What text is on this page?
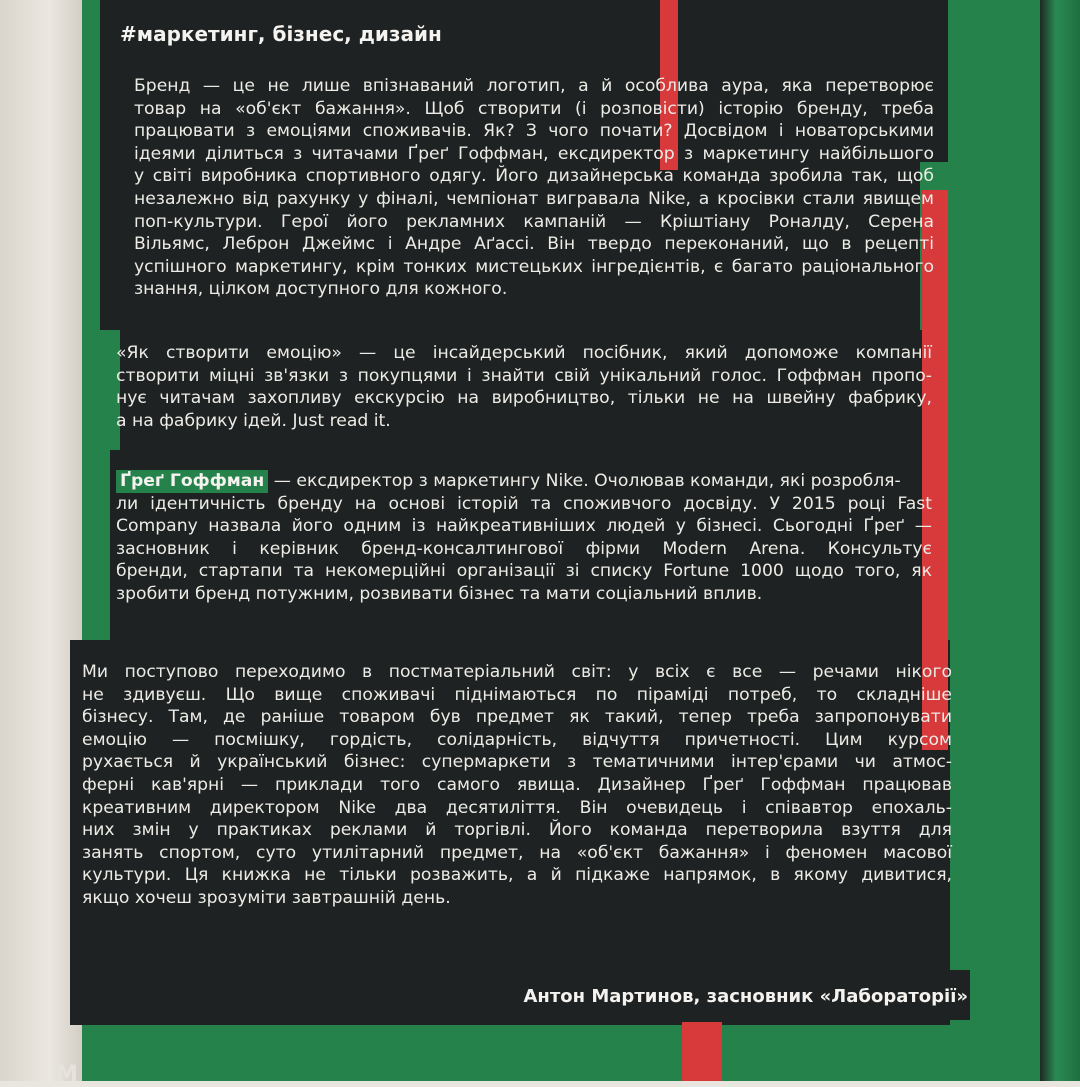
#маркетинг, бізнес, дизайн
Бренд — це не лише впізнаваний логотип, а й особлива аура, яка перетворює
товар на «об'єкт бажання». Щоб створити (і розповісти) історію бренду, треба
працювати з емоціями споживачів. Як? З чого почати? Досвідом і новаторськими
ідеями ділиться з читачами Ґреґ Гоффман, ексдиректор з маркетингу найбільшого
у світі виробника спортивного одягу. Його дизайнерська команда зробила так, щоб
незалежно від рахунку у фіналі, чемпіонат вигравала Nike, а кросівки стали явищем
поп-культури. Герої його рекламних кампаній — Кріштіану Роналду, Серена
Вільямс, Леброн Джеймс і Андре Аґассі. Він твердо переконаний, що в рецепті
успішного маркетингу, крім тонких мистецьких інгредієнтів, є багато раціонального
знання, цілком доступного для кожного.
«Як створити емоцію» — це інсайдерський посібник, який допоможе компанії
створити міцні зв'язки з покупцями і знайти свій унікальний голос. Гоффман пропо-
нує читачам захопливу екскурсію на виробництво, тільки не на швейну фабрику,
а на фабрику ідей. Just read it.
Ґреґ Гоффман — ексдиректор з маркетингу Nike. Очолював команди, які розробля-
ли ідентичність бренду на основі історій та споживчого досвіду. У 2015 році Fast
Company назвала його одним із найкреативніших людей у бізнесі. Сьогодні Ґреґ —
засновник і керівник бренд-консалтингової фірми Modern Arena. Консультує
бренди, стартапи та некомерційні організації зі списку Fortune 1000 щодо того, як
зробити бренд потужним, розвивати бізнес та мати соціальний вплив.
Ми поступово переходимо в постматеріальний світ: у всіх є все — речами нікого
не здивуєш. Що вище споживачі піднімаються по піраміді потреб, то складніше
бізнесу. Там, де раніше товаром був предмет як такий, тепер треба запропонувати
емоцію — посмішку, гордість, солідарність, відчуття причетності. Цим курсом
рухається й український бізнес: супермаркети з тематичними інтер'єрами чи атмос-
ферні кав'ярні — приклади того самого явища. Дизайнер Ґреґ Гоффман працював
креативним директором Nike два десятиліття. Він очевидець і співавтор епохаль-
них змін у практиках реклами й торгівлі. Його команда перетворила взуття для
занять спортом, суто утилітарний предмет, на «об'єкт бажання» і феномен масової
культури. Ця книжка не тільки розважить, а й підкаже напрямок, в якому дивитися,
якщо хочеш зрозуміти завтрашній день.
Антон Мартинов, засновник «Лабораторії»
М
